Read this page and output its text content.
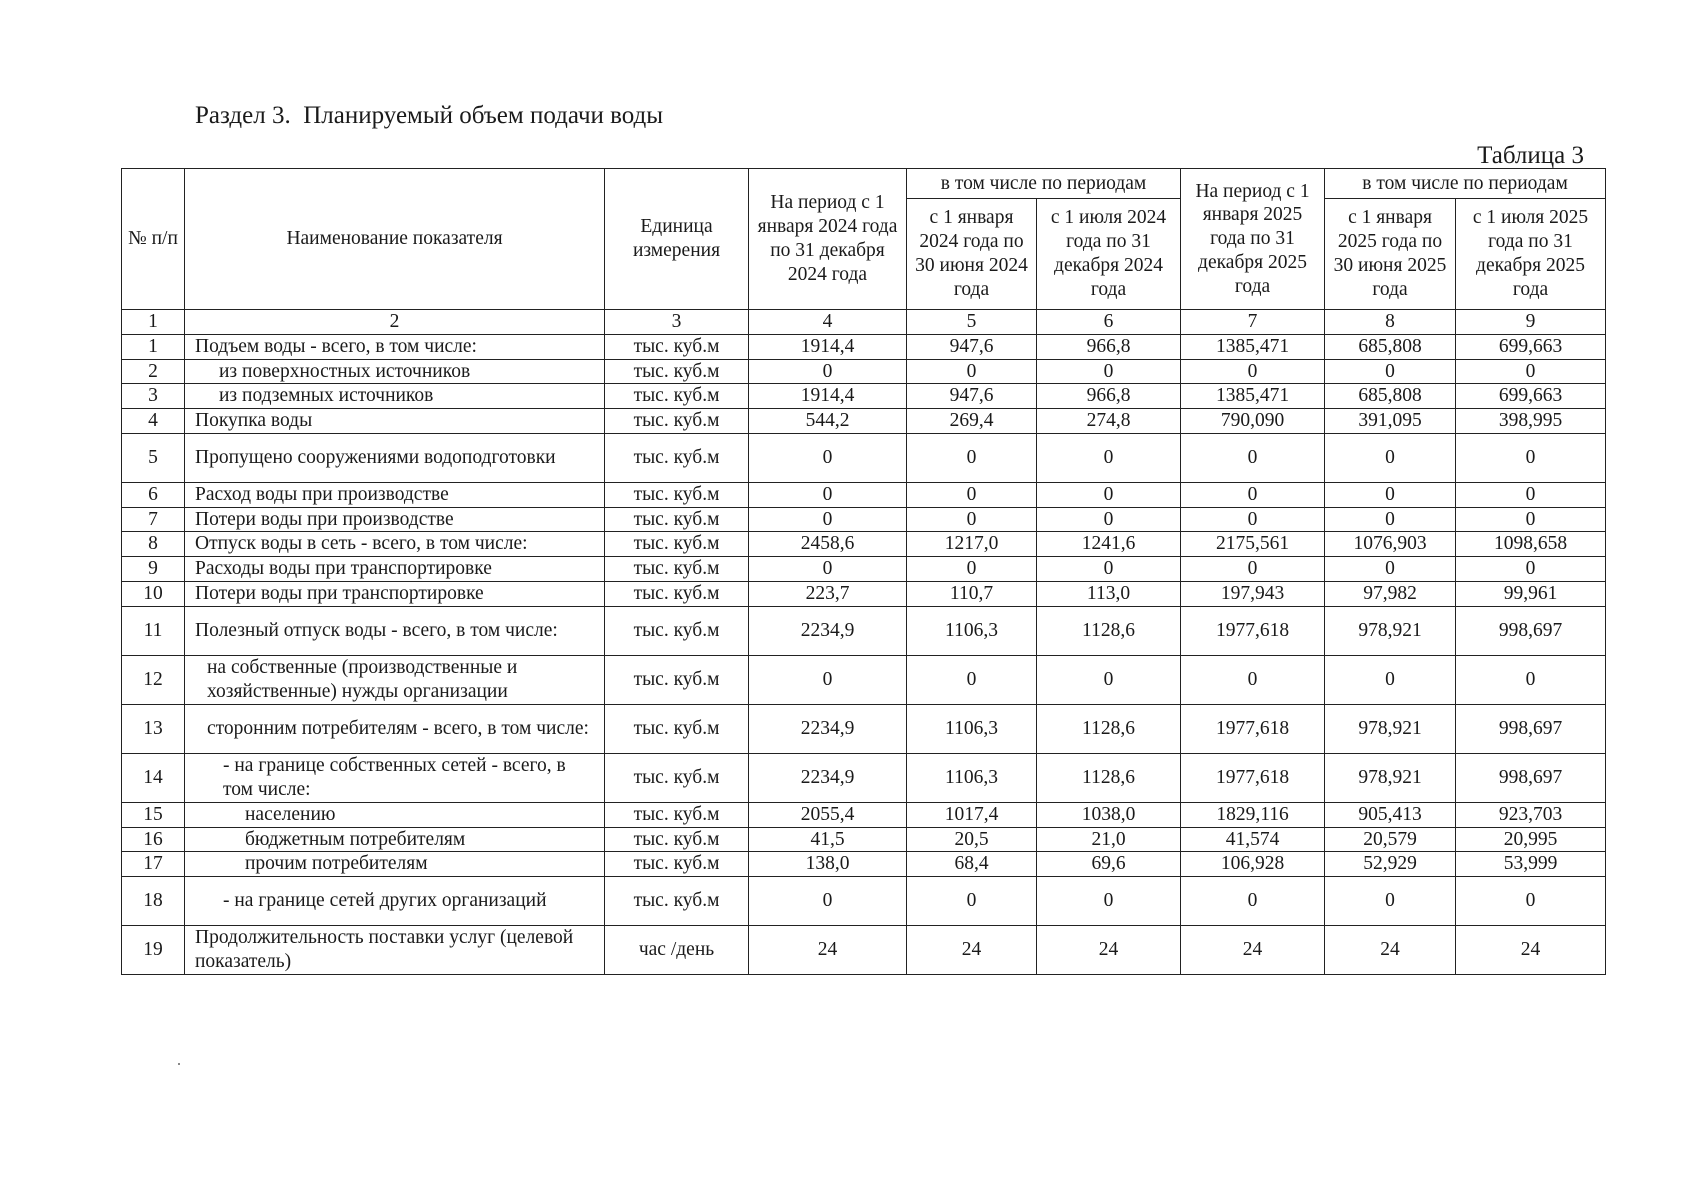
Раздел 3.  Планируемый объем подачи воды
Таблица 3
№ п/п	Наименование показателя	Единица измерения	На период с 1 января 2024 года по 31 декабря 2024 года	в том числе по периодам		На период с 1 января 2025 года по 31 декабря 2025 года	в том числе по периодам	
				с 1 января 2024 года по 30 июня 2024 года	с 1 июля 2024 года по 31 декабря 2024 года		с 1 января 2025 года по 30 июня 2025 года	с 1 июля 2025 года по 31 декабря 2025 года
1	2	3	4	5	6	7	8	9
1	Подъем воды - всего, в том числе:	тыс. куб.м	1914,4	947,6	966,8	1385,471	685,808	699,663
2	из поверхностных источников	тыс. куб.м	0	0	0	0	0	0
3	из подземных источников	тыс. куб.м	1914,4	947,6	966,8	1385,471	685,808	699,663
4	Покупка воды	тыс. куб.м	544,2	269,4	274,8	790,090	391,095	398,995
5	Пропущено сооружениями водоподготовки	тыс. куб.м	0	0	0	0	0	0
6	Расход воды при производстве	тыс. куб.м	0	0	0	0	0	0
7	Потери воды при производстве	тыс. куб.м	0	0	0	0	0	0
8	Отпуск воды в сеть - всего, в том числе:	тыс. куб.м	2458,6	1217,0	1241,6	2175,561	1076,903	1098,658
9	Расходы воды при транспортировке	тыс. куб.м	0	0	0	0	0	0
10	Потери воды при транспортировке	тыс. куб.м	223,7	110,7	113,0	197,943	97,982	99,961
11	Полезный отпуск воды - всего, в том числе:	тыс. куб.м	2234,9	1106,3	1128,6	1977,618	978,921	998,697
12	на собственные (производственные и хозяйственные) нужды организации	тыс. куб.м	0	0	0	0	0	0
13	сторонним потребителям - всего, в том числе:	тыс. куб.м	2234,9	1106,3	1128,6	1977,618	978,921	998,697
14	- на границе собственных сетей - всего, в том числе:	тыс. куб.м	2234,9	1106,3	1128,6	1977,618	978,921	998,697
15	населению	тыс. куб.м	2055,4	1017,4	1038,0	1829,116	905,413	923,703
16	бюджетным потребителям	тыс. куб.м	41,5	20,5	21,0	41,574	20,579	20,995
17	прочим потребителям	тыс. куб.м	138,0	68,4	69,6	106,928	52,929	53,999
18	- на границе сетей других организаций	тыс. куб.м	0	0	0	0	0	0
19	Продолжительность поставки услуг (целевой показатель)	час /день	24	24	24	24	24	24
